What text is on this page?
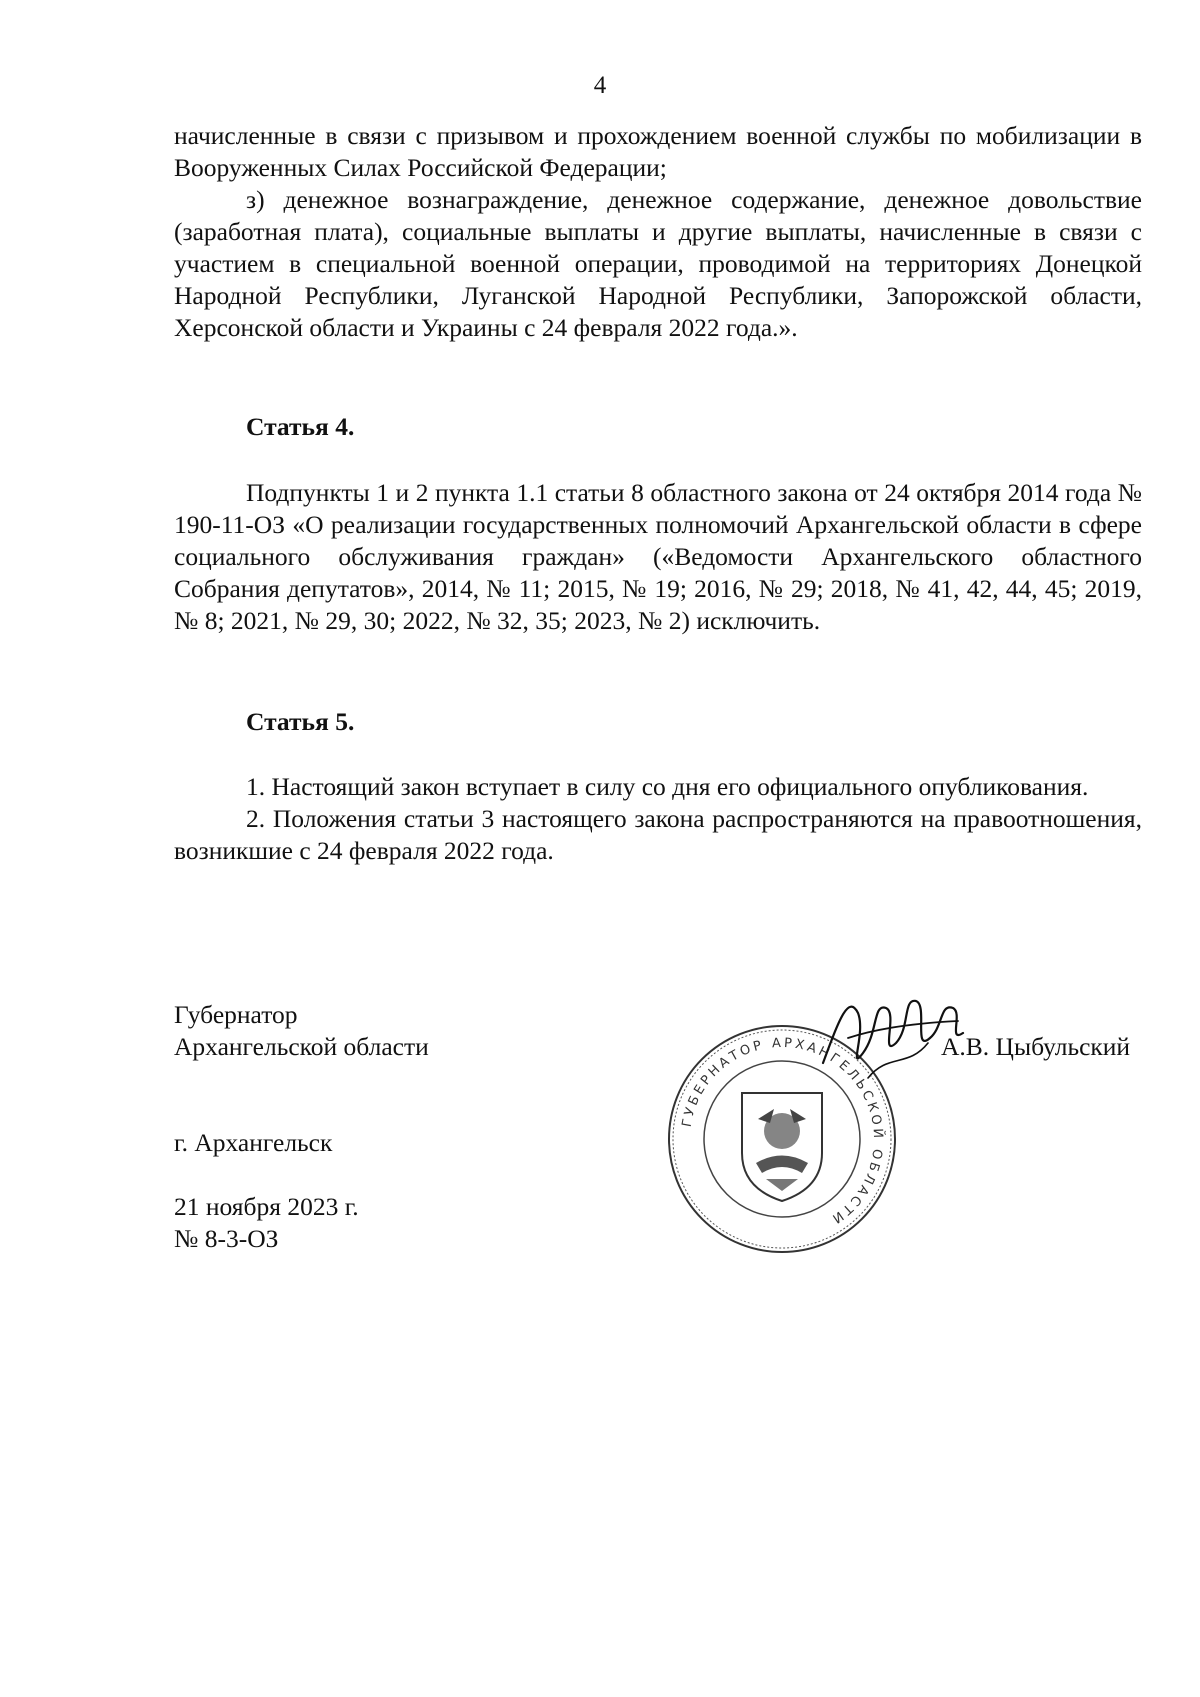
4

начисленные в связи с призывом и прохождением военной службы по мобилизации в Вооруженных Силах Российской Федерации;

з) денежное вознаграждение, денежное содержание, денежное довольствие (заработная плата), социальные выплаты и другие выплаты, начисленные в связи с участием в специальной военной операции, проводимой на территориях Донецкой Народной Республики, Луганской Народной Республики, Запорожской области, Херсонской области и Украины с 24 февраля 2022 года.».

Статья 4.

Подпункты 1 и 2 пункта 1.1 статьи 8 областного закона от 24 октября 2014 года № 190-11-ОЗ «О реализации государственных полномочий Архангельской области в сфере социального обслуживания граждан» («Ведомости Архангельского областного Собрания депутатов», 2014, № 11; 2015, № 19; 2016, № 29; 2018, № 41, 42, 44, 45; 2019, № 8; 2021, № 29, 30; 2022, № 32, 35; 2023, № 2) исключить.

Статья 5.

1. Настоящий закон вступает в силу со дня его официального опубликования.

2. Положения статьи 3 настоящего закона распространяются на правоотношения, возникшие с 24 февраля 2022 года.

Губернатор
Архангельской области
ГУБЕРНАТОР АРХАНГЕЛЬСКОЙ ОБЛАСТИ
А.В. Цыбульский
г. Архангельск
21 ноября 2023 г.
№ 8-3-ОЗ
